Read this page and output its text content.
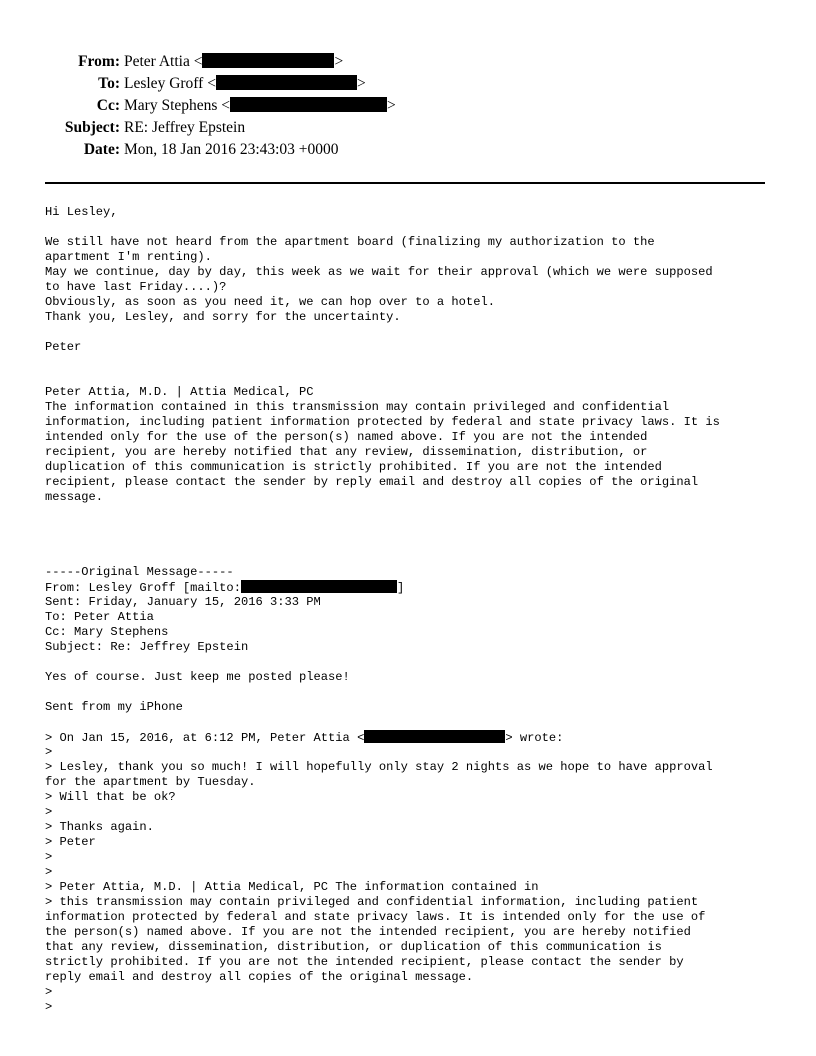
From: Peter Attia <	>
To: Lesley Groff <	>
Cc: Mary Stephens <	>
Subject: RE: Jeffrey Epstein
Date: Mon, 18 Jan 2016 23:43:03 +0000
Hi Lesley,
We still have not heard from the apartment board (finalizing my authorization to the
apartment I'm renting).
May we continue, day by day, this week as we wait for their approval (which we were supposed
to have last Friday....)?
Obviously, as soon as you need it, we can hop over to a hotel.
Thank you, Lesley, and sorry for the uncertainty.
Peter
Peter Attia, M.D. | Attia Medical, PC
The information contained in this transmission may contain privileged and confidential
information, including patient information protected by federal and state privacy laws. It is
intended only for the use of the person(s) named above. If you are not the intended
recipient, you are hereby notified that any review, dissemination, distribution, or
duplication of this communication is strictly prohibited. If you are not the intended
recipient, please contact the sender by reply email and destroy all copies of the original
message.
-----Original Message-----
From: Lesley Groff [mailto:	]
Sent: Friday, January 15, 2016 3:33 PM
To: Peter Attia
Cc: Mary Stephens
Subject: Re: Jeffrey Epstein
Yes of course. Just keep me posted please!
Sent from my iPhone
> On Jan 15, 2016, at 6:12 PM, Peter Attia <	> wrote:
>
> Lesley, thank you so much! I will hopefully only stay 2 nights as we hope to have approval
for the apartment by Tuesday.
> Will that be ok?
>
> Thanks again.
> Peter
>
>
> Peter Attia, M.D. | Attia Medical, PC The information contained in
> this transmission may contain privileged and confidential information, including patient
information protected by federal and state privacy laws. It is intended only for the use of
the person(s) named above. If you are not the intended recipient, you are hereby notified
that any review, dissemination, distribution, or duplication of this communication is
strictly prohibited. If you are not the intended recipient, please contact the sender by
reply email and destroy all copies of the original message.
>
>
